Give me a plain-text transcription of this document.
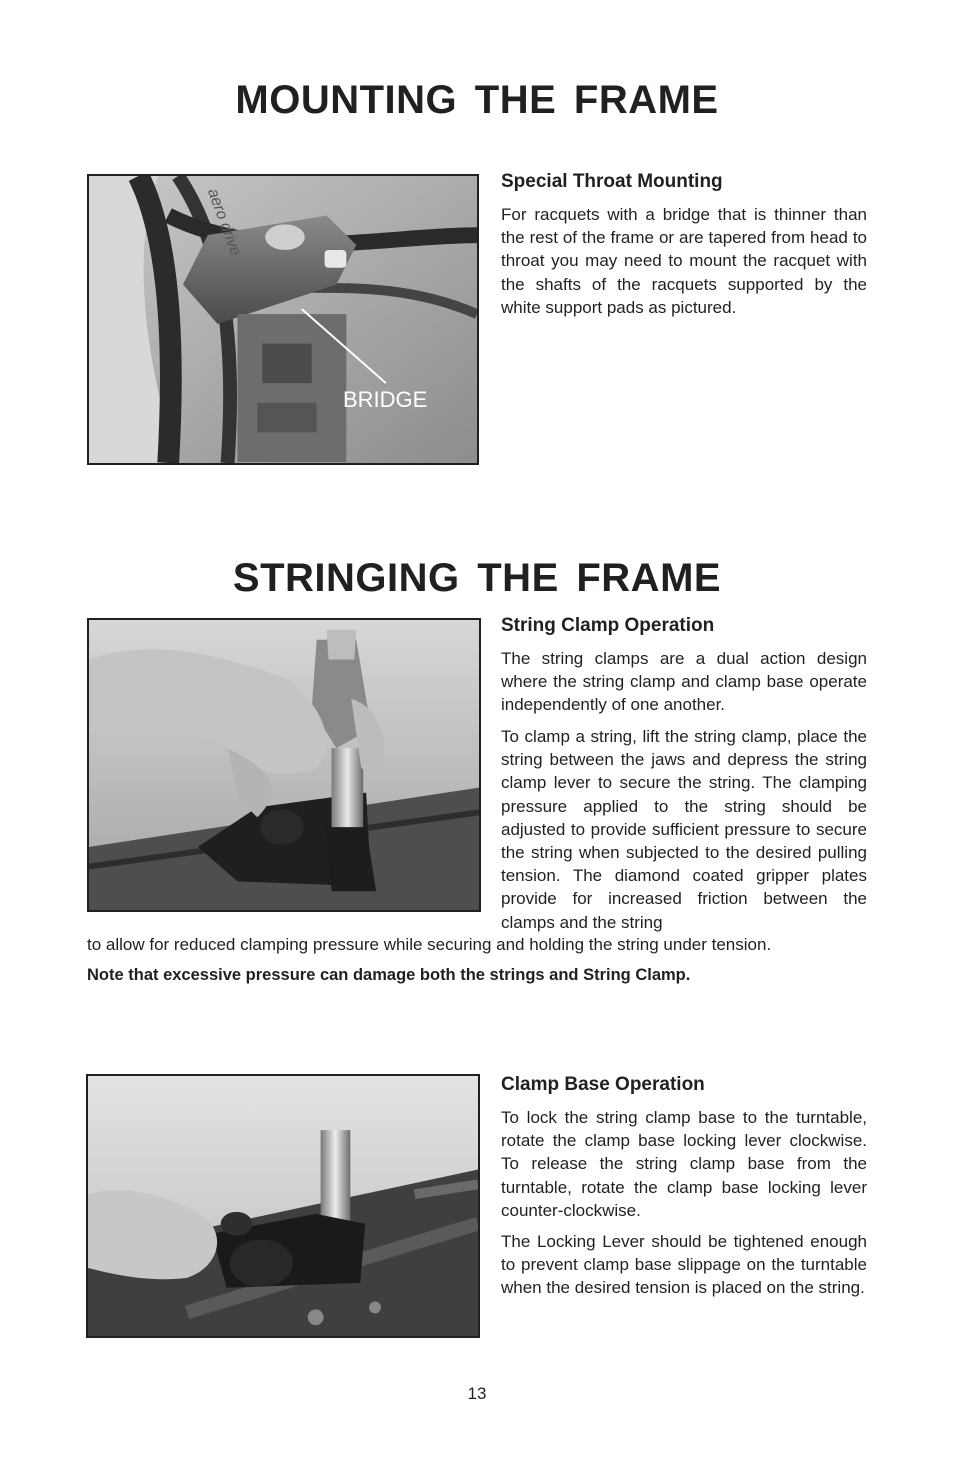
MOUNTING THE FRAME
aero drive
BRIDGE
Special Throat Mounting

For racquets with a bridge that is thinner than the rest of the frame or are tapered from head to throat you may need to mount the racquet with the shafts of the racquets supported by the white support pads as pictured.

STRINGING THE FRAME
String Clamp Operation

The string clamps are a dual action design where the string clamp and clamp base operate independently of one another.

To clamp a string, lift the string clamp, place the string between the jaws and depress the string clamp lever to secure the string. The clamping pressure applied to the string should be adjusted to provide sufficient pressure to secure the string when subjected to the desired pulling tension. The diamond coated gripper plates provide for increased friction between the clamps and the string

to allow for reduced clamping pressure while securing and holding the string under tension.

Note that excessive pressure can damage both the strings and String Clamp.

Clamp Base Operation

To lock the string clamp base to the turntable, rotate the clamp base locking lever clockwise. To release the string clamp base from the turntable, rotate the clamp base locking lever counter-clockwise.

The Locking Lever should be tightened enough to prevent clamp base slippage on the turntable when the desired tension is placed on the string.

13
